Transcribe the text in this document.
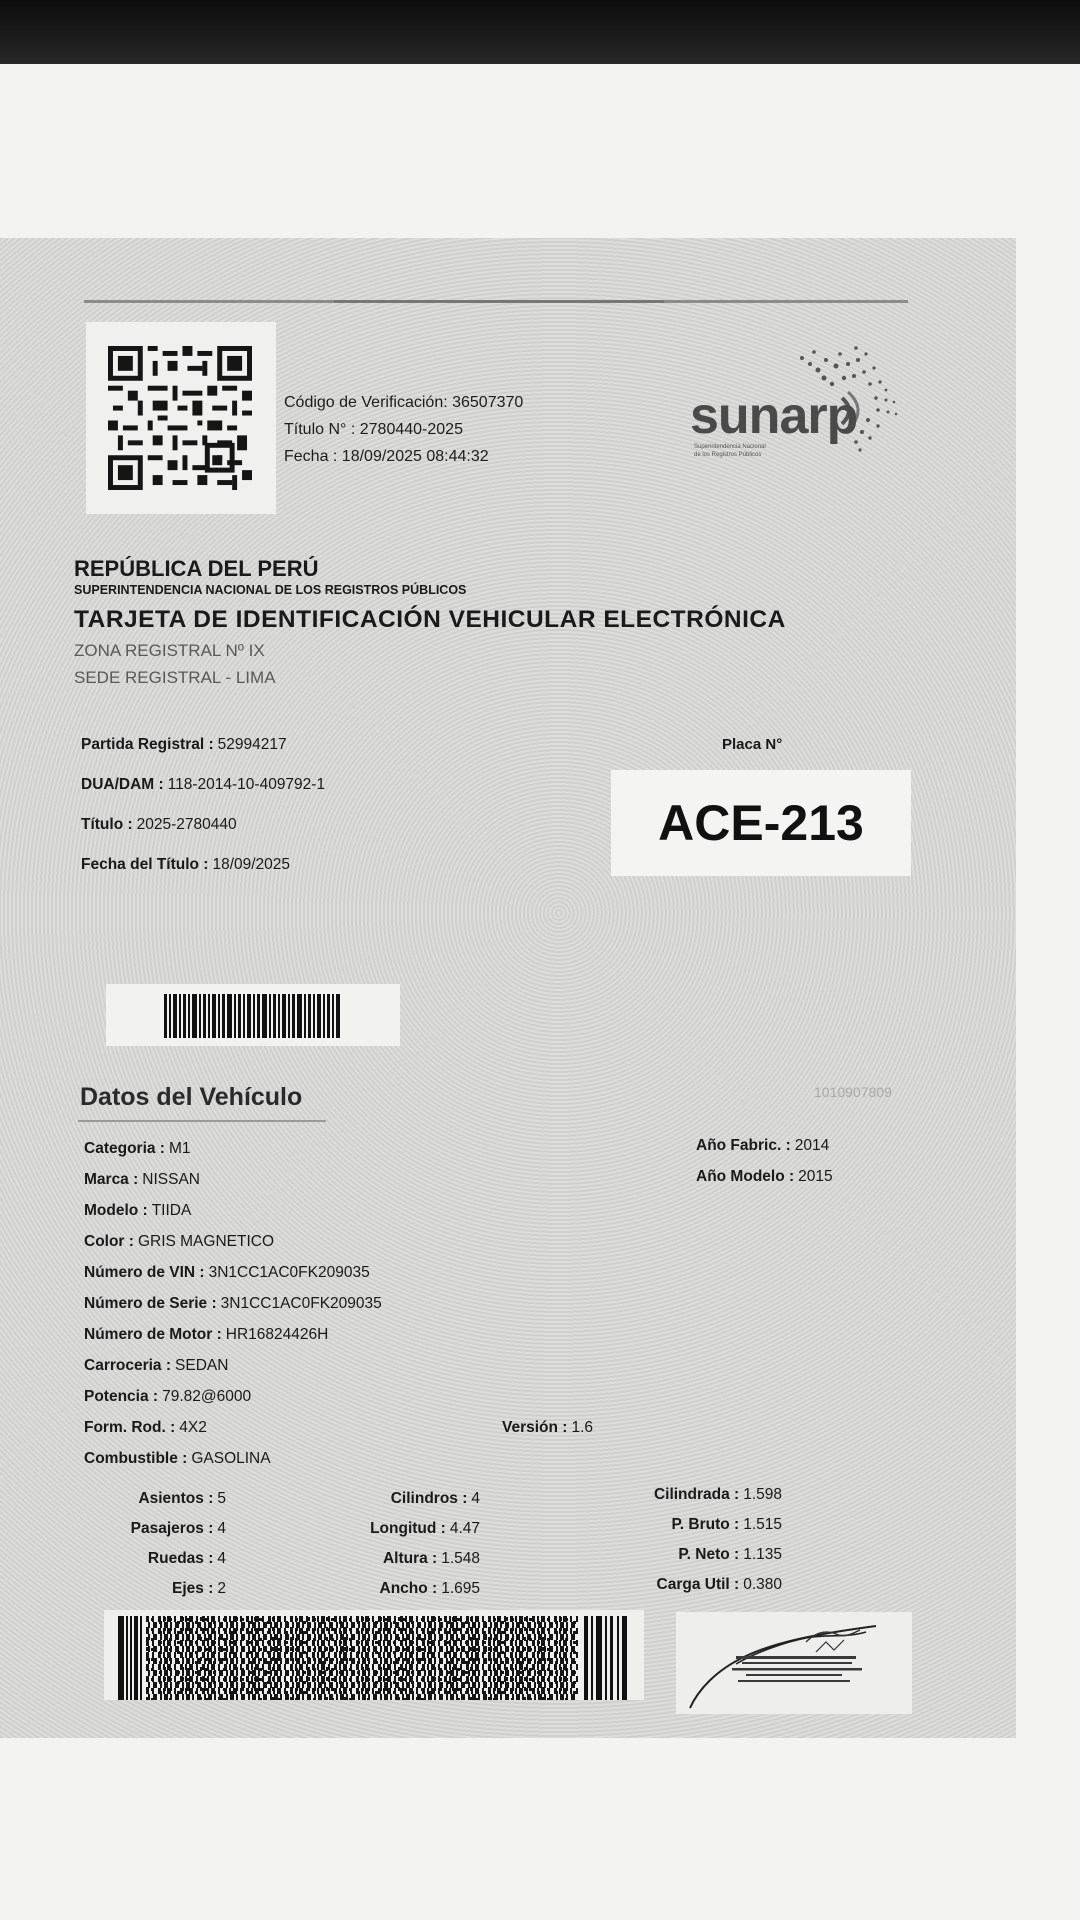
Código de Verificación: 36507370
Título N° : 2780440-2025
Fecha : 18/09/2025 08:44:32
sunarp
Superintendencia Nacional
de los Registros Públicos
REPÚBLICA DEL PERÚ
SUPERINTENDENCIA NACIONAL DE LOS REGISTROS PÚBLICOS
TARJETA DE IDENTIFICACIÓN VEHICULAR ELECTRÓNICA
ZONA REGISTRAL Nº IX
SEDE REGISTRAL - LIMA
Partida Registral : 52994217
DUA/DAM : 118-2014-10-409792-1
Título : 2025-2780440
Fecha del Título : 18/09/2025
Placa N°
ACE-213
Datos del Vehículo	1010907809
Categoria : M1
Marca : NISSAN
Modelo : TIIDA
Color : GRIS MAGNETICO
Número de VIN : 3N1CC1AC0FK209035
Número de Serie : 3N1CC1AC0FK209035
Número de Motor : HR16824426H
Carroceria : SEDAN
Potencia : 79.82@6000
Form. Rod. : 4X2	Versión : 1.6
Combustible : GASOLINA
Año Fabric. : 2014
Año Modelo : 2015
Asientos : 5
Pasajeros : 4
Ruedas : 4
Ejes : 2
Cilindros : 4
Longitud : 4.47
Altura : 1.548
Ancho : 1.695
Cilindrada : 1.598
P. Bruto : 1.515
P. Neto : 1.135
Carga Util : 0.380
